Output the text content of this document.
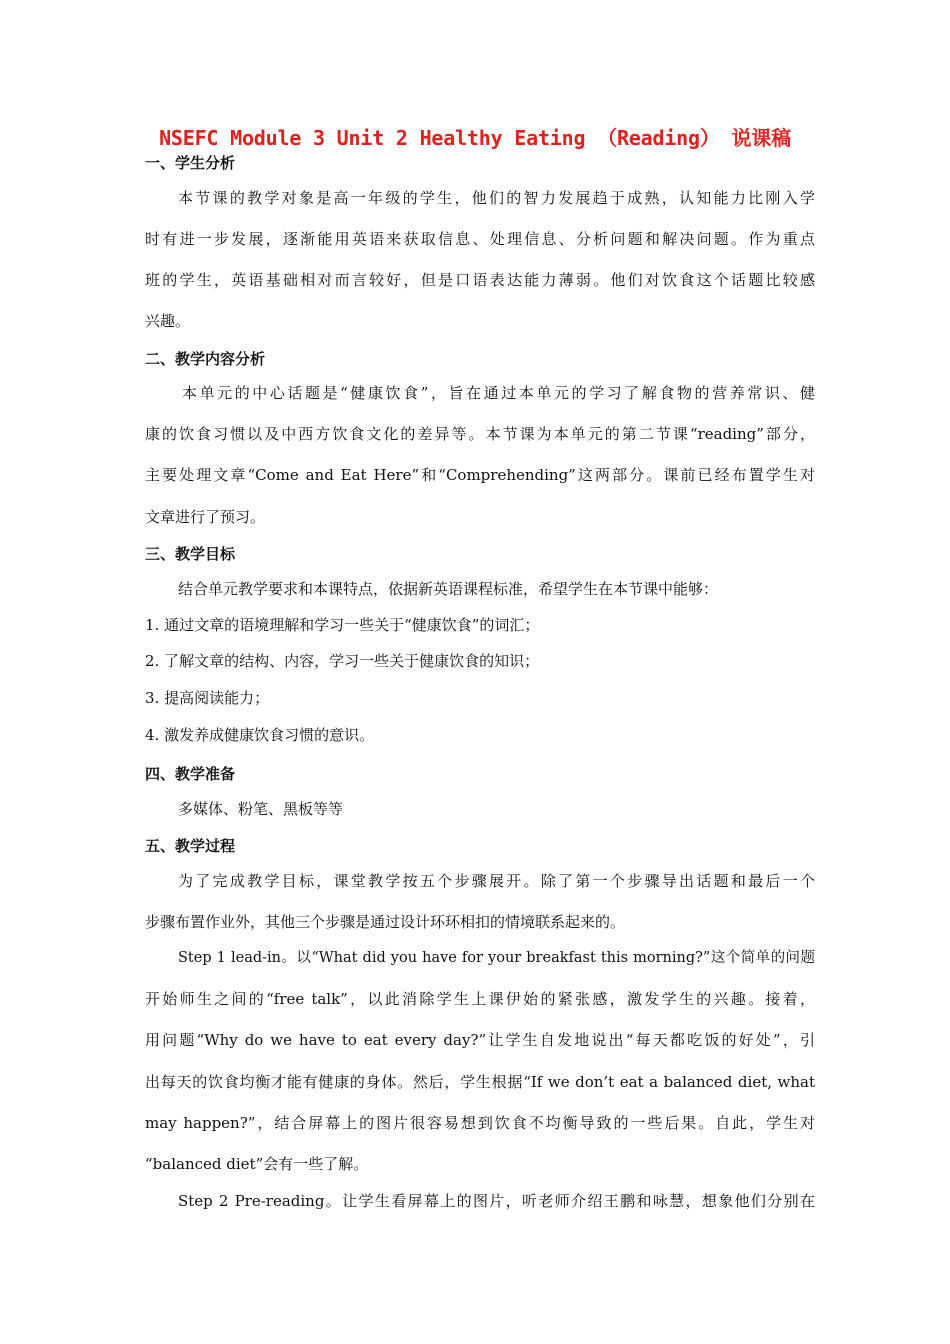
NSEFC Module 3 Unit 2 Healthy Eating （Reading） 说课稿
一、学生分析
本节课的教学对象是高一年级的学生，他们的智力发展趋于成熟，认知能力比刚入学
时有进一步发展，逐渐能用英语来获取信息、处理信息、分析问题和解决问题。作为重点
班的学生，英语基础相对而言较好，但是口语表达能力薄弱。他们对饮食这个话题比较感
兴趣。
二、教学内容分析
本单元的中心话题是“健康饮食”，旨在通过本单元的学习了解食物的营养常识、健
康的饮食习惯以及中西方饮食文化的差异等。本节课为本单元的第二节课“reading”部分，
主要处理文章“Come and Eat Here”和“Comprehending”这两部分。课前已经布置学生对
文章进行了预习。
三、教学目标
结合单元教学要求和本课特点，依据新英语课程标准，希望学生在本节课中能够：
1. 通过文章的语境理解和学习一些关于“健康饮食”的词汇；
2. 了解文章的结构、内容，学习一些关于健康饮食的知识；
3. 提高阅读能力；
4. 激发养成健康饮食习惯的意识。
四、教学准备
多媒体、粉笔、黑板等等
五、教学过程
为了完成教学目标，课堂教学按五个步骤展开。除了第一个步骤导出话题和最后一个
步骤布置作业外，其他三个步骤是通过设计环环相扣的情境联系起来的。
Step 1 lead-in。以“What did you have for your breakfast this morning?”这个简单的问题
开始师生之间的“free talk”，以此消除学生上课伊始的紧张感，激发学生的兴趣。接着，
用问题“Why do we have to eat every day?”让学生自发地说出“每天都吃饭的好处”，引
出每天的饮食均衡才能有健康的身体。然后，学生根据“If we don’t eat a balanced diet, what
may happen?”，结合屏幕上的图片很容易想到饮食不均衡导致的一些后果。自此，学生对
“balanced diet”会有一些了解。
Step 2 Pre-reading。让学生看屏幕上的图片，听老师介绍王鹏和咏慧，想象他们分别在
